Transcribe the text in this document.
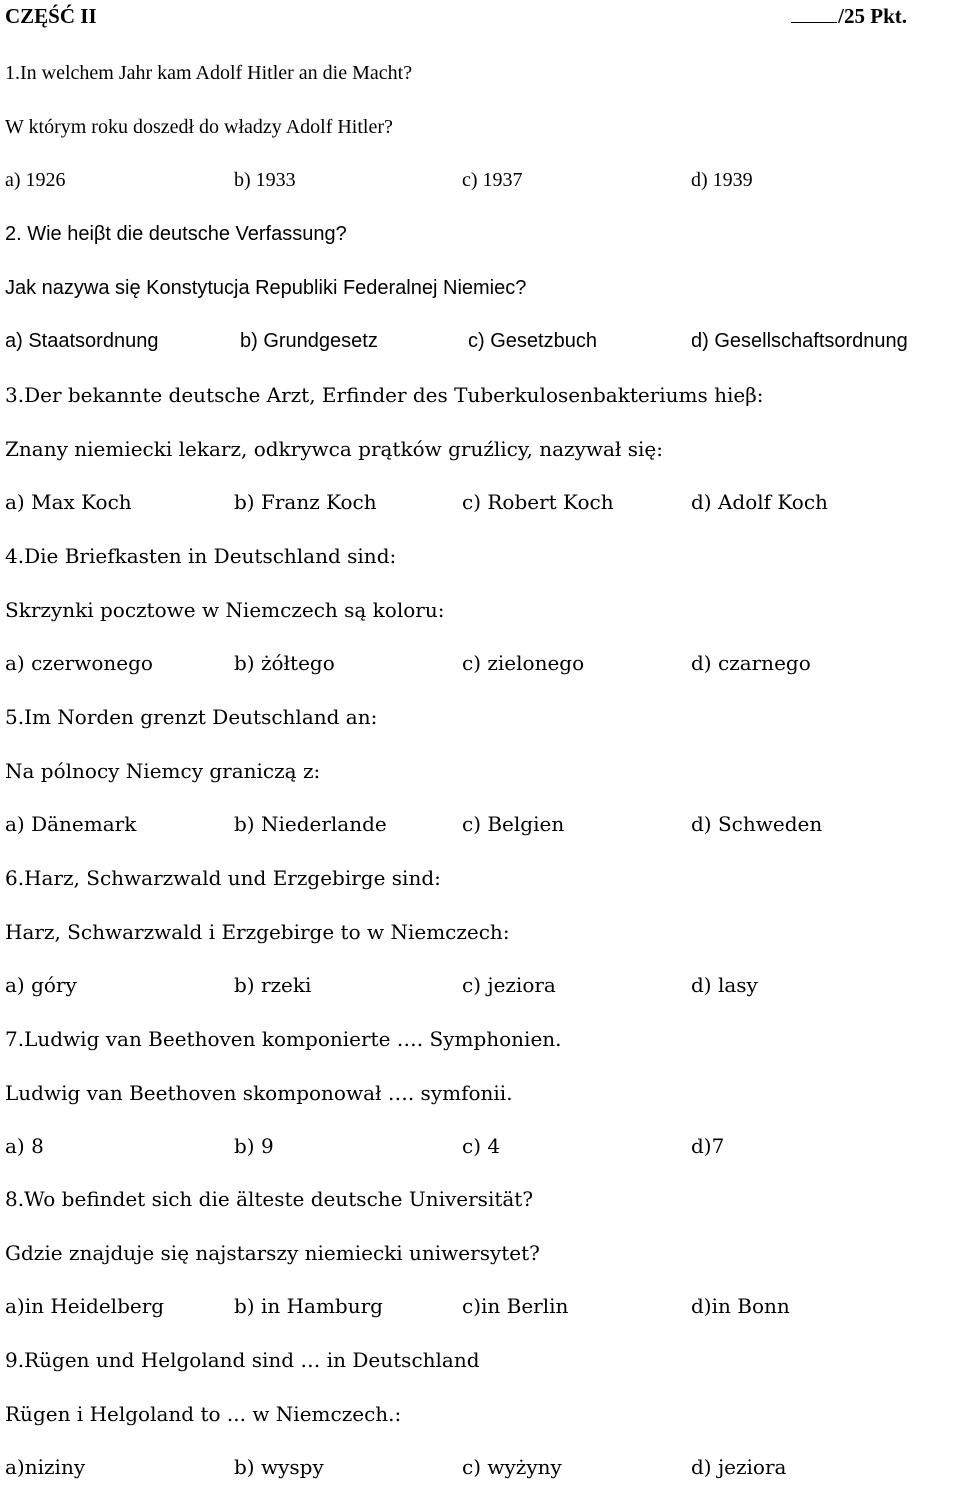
CZĘŚĆ II	/25 Pkt.
1.In welchem Jahr kam Adolf Hitler an die Macht?
W którym roku doszedł do władzy Adolf Hitler?
a) 1926	b) 1933	c) 1937	d) 1939
2. Wie heiβt die deutsche Verfassung?
Jak nazywa się Konstytucja Republiki Federalnej Niemiec?
a) Staatsordnung	b) Grundgesetz	c) Gesetzbuch	d) Gesellschaftsordnung
3.Der bekannte deutsche Arzt, Erfinder des Tuberkulosenbakteriums hieβ:
Znany niemiecki lekarz, odkrywca prątków gruźlicy, nazywał się:
a) Max Koch	b) Franz Koch	c) Robert Koch	d) Adolf Koch
4.Die Briefkasten in Deutschland sind:
Skrzynki pocztowe w Niemczech są koloru:
a) czerwonego	b) żółtego	c) zielonego	d) czarnego
5.Im Norden grenzt Deutschland an:
Na pólnocy Niemcy graniczą z:
a) Dänemark	b) Niederlande	c) Belgien	d) Schweden
6.Harz, Schwarzwald und Erzgebirge sind:
Harz, Schwarzwald i Erzgebirge to w Niemczech:
a) góry	b) rzeki	c) jeziora	d) lasy
7.Ludwig van Beethoven komponierte …. Symphonien.
Ludwig van Beethoven skomponował …. symfonii.
a) 8	b) 9	c) 4	d)7
8.Wo befindet sich die älteste deutsche Universität?
Gdzie znajduje się najstarszy niemiecki uniwersytet?
a)in Heidelberg	b) in Hamburg	c)in Berlin	d)in Bonn
9.Rügen und Helgoland sind … in Deutschland
Rügen i Helgoland to ... w Niemczech.:
a)niziny	b) wyspy	c) wyżyny	d) jeziora
